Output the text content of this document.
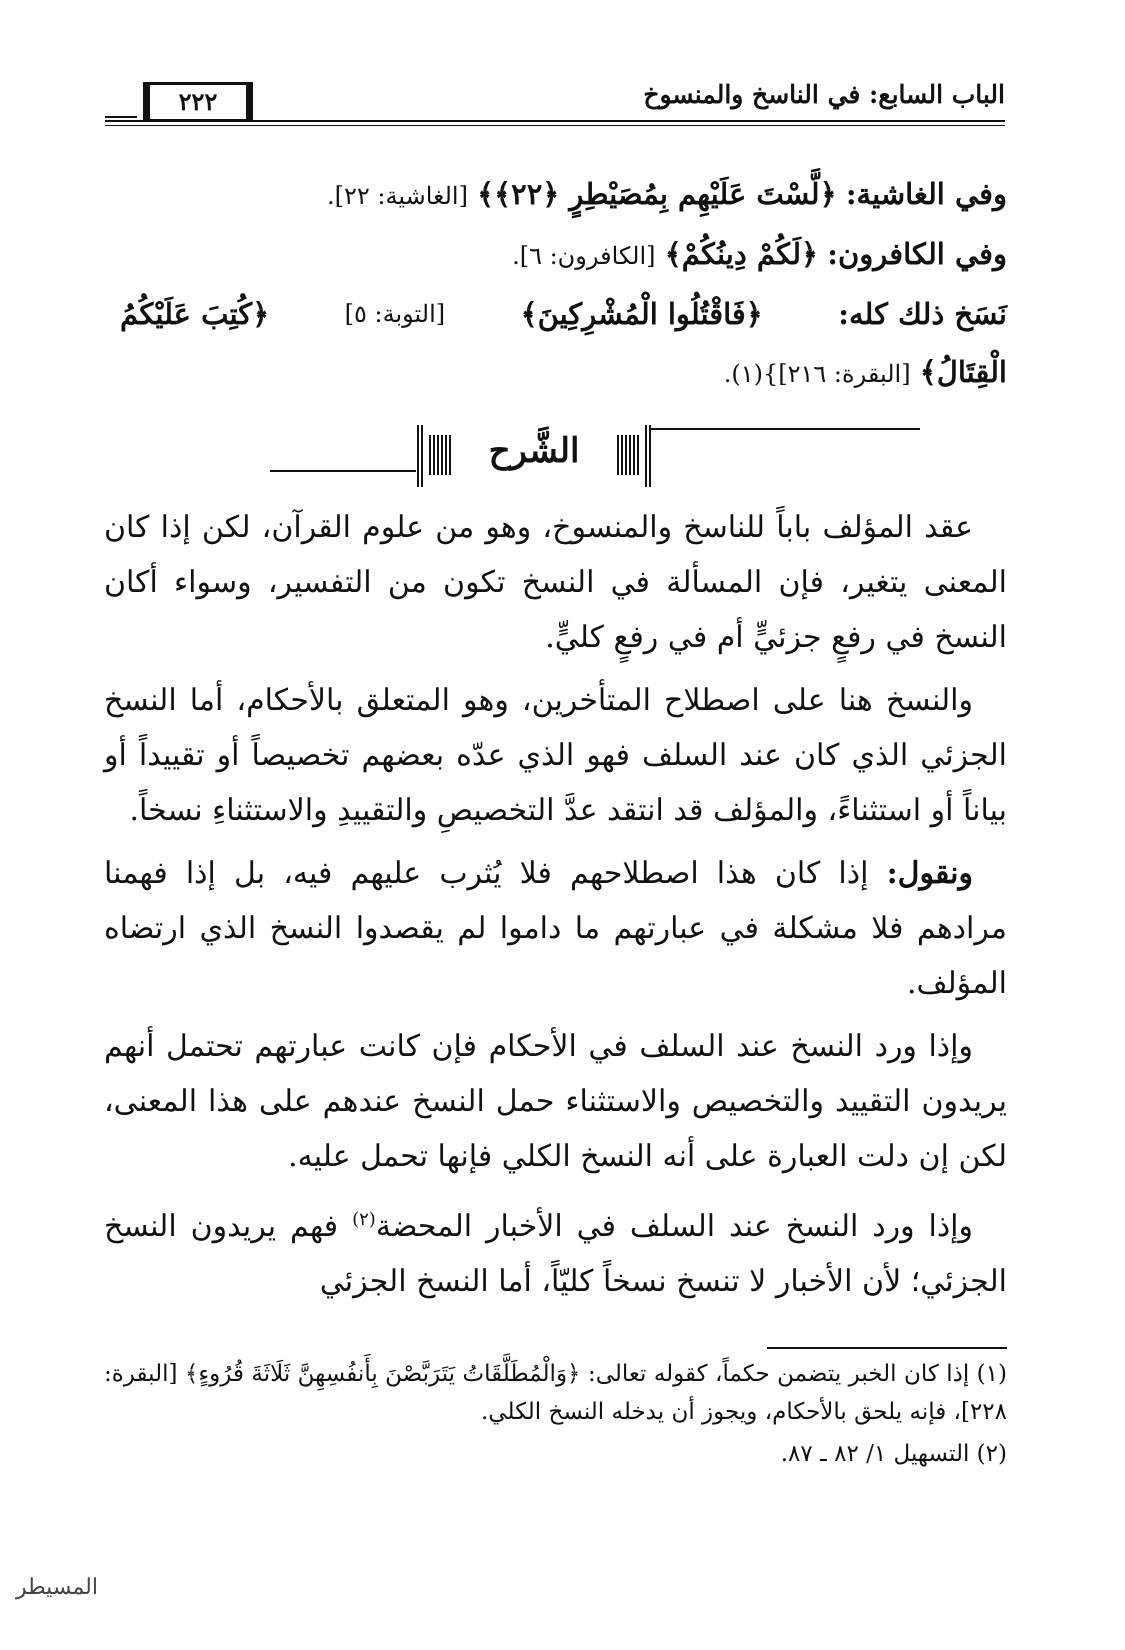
الباب السابع: في الناسخ والمنسوخ
٢٢٢
وفي الغاشية: ﴿لَّسْتَ عَلَيْهِم بِمُصَيْطِرٍ ﴿٢٢﴾﴾ [الغاشية: ٢٢].
وفي الكافرون: ﴿لَكُمْ دِينُكُمْ﴾ [الكافرون: ٦].
نَسَخ ذلك كله:
﴿فَاقْتُلُوا الْمُشْرِكِينَ﴾
[التوبة: ٥]
﴿كُتِبَ عَلَيْكُمُ
الْقِتَالُ﴾ [البقرة: ٢١٦]}(١).
الشَّرح

عقد المؤلف باباً للناسخ والمنسوخ، وهو من علوم القرآن، لكن إذا كان المعنى يتغير، فإن المسألة في النسخ تكون من التفسير، وسواء أكان النسخ في رفعٍ جزئيٍّ أم في رفعٍ كليٍّ.

والنسخ هنا على اصطلاح المتأخرين، وهو المتعلق بالأحكام، أما النسخ الجزئي الذي كان عند السلف فهو الذي عدّه بعضهم تخصيصاً أو تقييداً أو بياناً أو استثناءً، والمؤلف قد انتقد عدَّ التخصيصِ والتقييدِ والاستثناءِ نسخاً.

ونقول: إذا كان هذا اصطلاحهم فلا يُثرب عليهم فيه، بل إذا فهمنا مرادهم فلا مشكلة في عبارتهم ما داموا لم يقصدوا النسخ الذي ارتضاه المؤلف.

وإذا ورد النسخ عند السلف في الأحكام فإن كانت عبارتهم تحتمل أنهم يريدون التقييد والتخصيص والاستثناء حمل النسخ عندهم على هذا المعنى، لكن إن دلت العبارة على أنه النسخ الكلي فإنها تحمل عليه.

وإذا ورد النسخ عند السلف في الأخبار المحضة$^{(٢)}$ فهم يريدون النسخ الجزئي؛ لأن الأخبار لا تنسخ نسخاً كليّاً، أما النسخ الجزئي

(١) إذا كان الخبر يتضمن حكماً، كقوله تعالى: ﴿وَالْمُطَلَّقَاتُ يَتَرَبَّصْنَ بِأَنفُسِهِنَّ ثَلَاثَةَ قُرُوءٍ﴾ [البقرة: ٢٢٨]، فإنه يلحق بالأحكام، ويجوز أن يدخله النسخ الكلي.

(٢) التسهيل ١/ ٨٢ ـ ٨٧.

المسيطر
